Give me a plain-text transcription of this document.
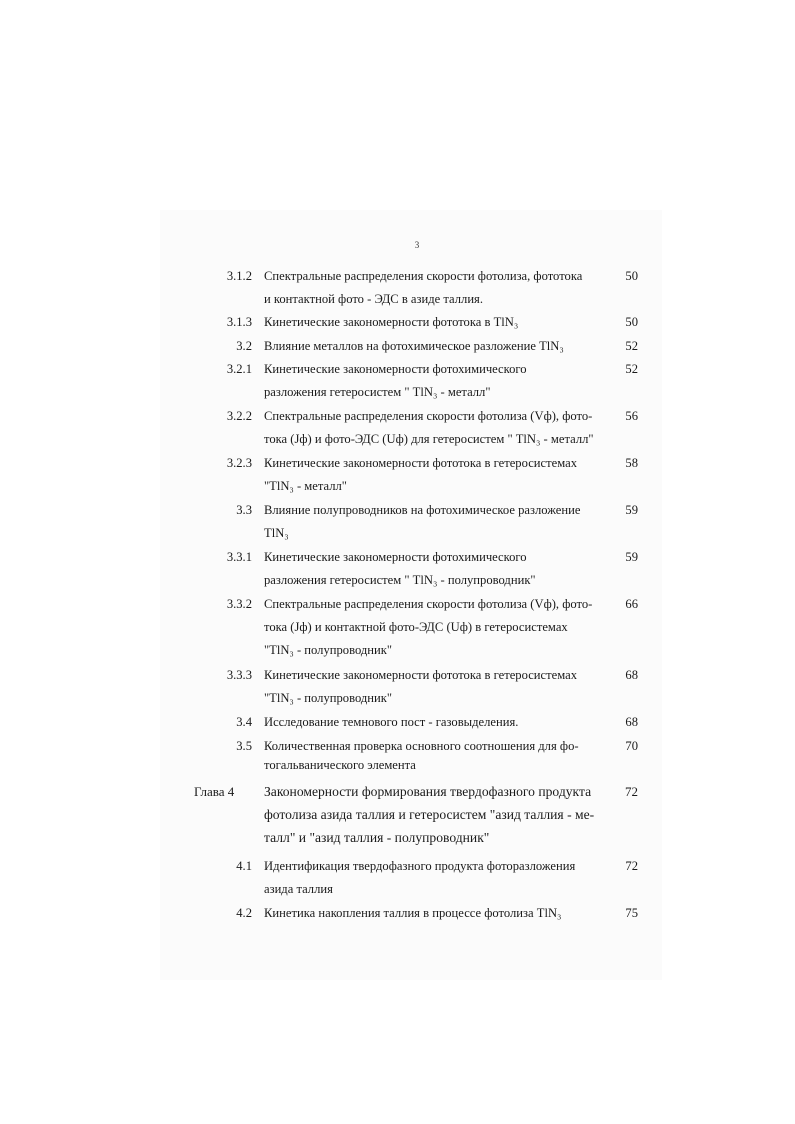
3
3.1.2 Спектральные распределения скорости фотолиза, фототока
и контактной фото - ЭДС в азиде таллия.
50
3.1.3 Кинетические закономерности фототока в TlN₃	50
3.2 Влияние металлов на фотохимическое разложение TlN₃	52
3.2.1 Кинетические закономерности фотохимического
разложения гетеросистем " TlN₃ - металл"
52
3.2.2 Спектральные распределения скорости фотолиза (Vф), фото-
тока (Jф) и фото-ЭДС (Uф) для гетеросистем " TlN₃ - металл"
56
3.2.3 Кинетические закономерности фототока в гетеросистемах
"TlN₃ - металл"
58
3.3 Влияние полупроводников на фотохимическое разложение
TlN₃
59
3.3.1 Кинетические закономерности фотохимического
разложения гетеросистем " TlN₃ - полупроводник"
59
3.3.2 Спектральные распределения скорости фотолиза (Vф), фото-
тока (Jф) и контактной фото-ЭДС (Uф) в гетеросистемах
"TlN₃ - полупроводник"
66
3.3.3 Кинетические закономерности фототока в гетеросистемах
"TlN₃ - полупроводник"
68
3.4 Исследование темнового пост - газовыделения.	68
3.5 Количественная проверка основного соотношения для фо-
тогальванического элемента
70
Глава 4	Закономерности формирования твердофазного продукта
фотолиза азида таллия и гетеросистем "азид таллия - ме-
талл" и "азид таллия - полупроводник"
72
4.1 Идентификация твердофазного продукта фоторазложения
азида таллия
72
4.2 Кинетика накопления таллия в процессе фотолиза TlN₃	75
